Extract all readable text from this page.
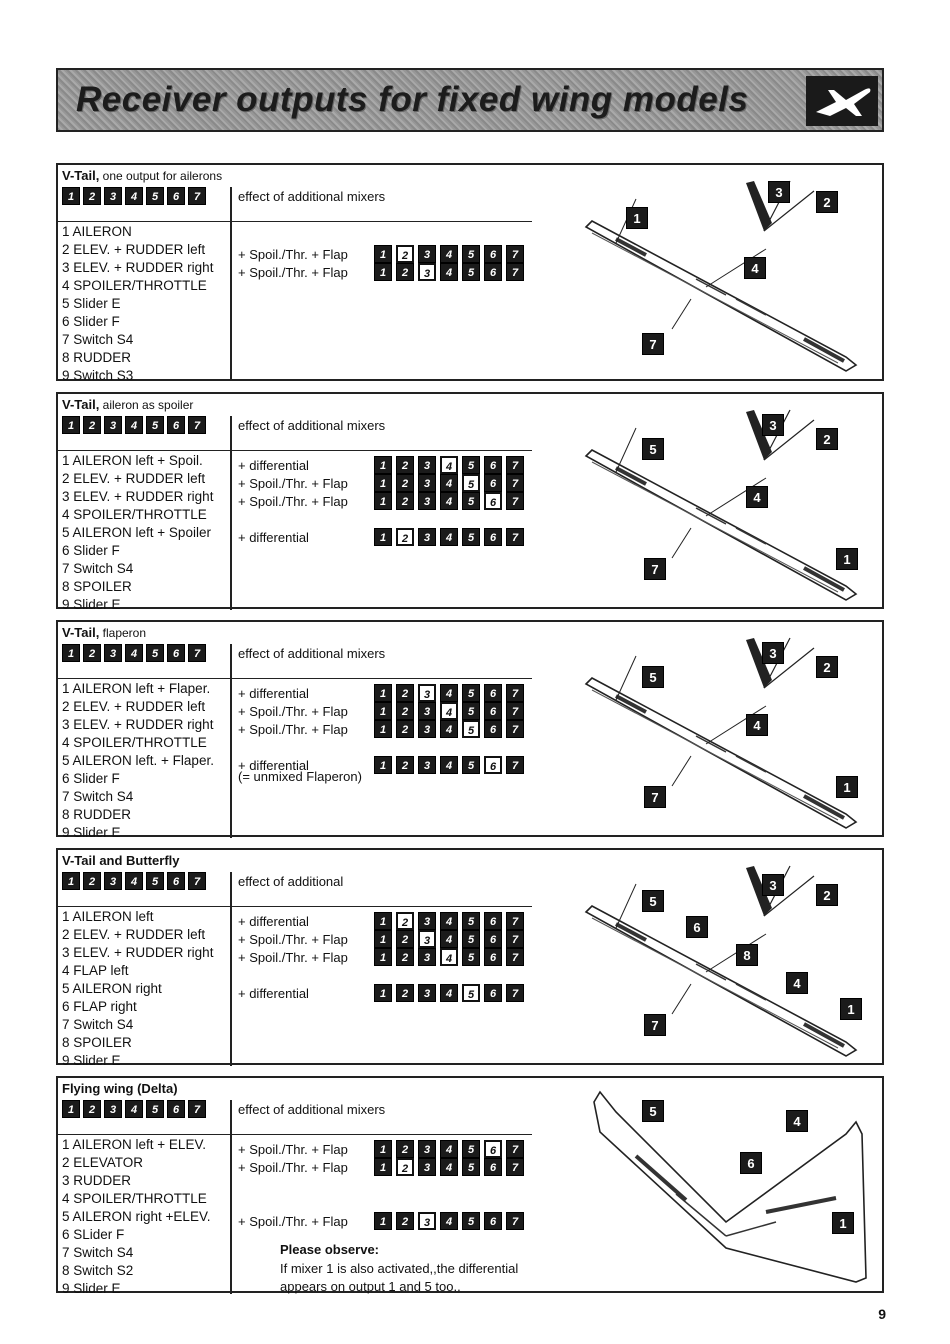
Receiver outputs for fixed wing models
V-Tail, one output for ailerons
1	2	3	4	5	6	7	effect of additional mixers
1 AILERON
2 ELEV. + RUDDER left
3 ELEV. + RUDDER right
4 SPOILER/THROTTLE
5 Slider E
6 Slider F
7 Switch S4
8 RUDDER
9 Switch S3
+ Spoil./Thr. + Flap	1	2	3	4	5	6	7
+ Spoil./Thr. + Flap	1	2	3	4	5	6	7
1
3
2
4
7
V-Tail, aileron as spoiler
1	2	3	4	5	6	7	effect of additional mixers
1 AILERON left + Spoil.
2 ELEV. + RUDDER left
3 ELEV. + RUDDER right
4 SPOILER/THROTTLE
5 AILERON left + Spoiler
6 Slider F
7 Switch S4
8 SPOILER
9 Slider E
+ differential	1	2	3	4	5	6	7
+ Spoil./Thr. + Flap	1	2	3	4	5	6	7
+ Spoil./Thr. + Flap	1	2	3	4	5	6	7
+ differential	1	2	3	4	5	6	7
5
3
2
4
7
1
V-Tail, flaperon
1	2	3	4	5	6	7	effect of additional mixers
1 AILERON left + Flaper.
2 ELEV. + RUDDER left
3 ELEV. + RUDDER right
4 SPOILER/THROTTLE
5 AILERON left. + Flaper.
6 Slider F
7 Switch S4
8 RUDDER
9 Slider E
+ differential	1	2	3	4	5	6	7
+ Spoil./Thr. + Flap	1	2	3	4	5	6	7
+ Spoil./Thr. + Flap	1	2	3	4	5	6	7
+ differential	1	2	3	4	5	6	7
(= unmixed Flaperon)
5
3
2
4
7
1
V-Tail and Butterfly
1	2	3	4	5	6	7	effect of additional
1 AILERON left
2 ELEV. + RUDDER left
3 ELEV. + RUDDER right
4 FLAP left
5 AILERON right
6 FLAP right
7 Switch S4
8 SPOILER
9 Slider E
+ differential	1	2	3	4	5	6	7
+ Spoil./Thr. + Flap	1	2	3	4	5	6	7
+ Spoil./Thr. + Flap	1	2	3	4	5	6	7
+ differential	1	2	3	4	5	6	7
5
6
8
3
2
4
7
1
Flying wing (Delta)
1	2	3	4	5	6	7	effect of additional mixers
1 AILERON left + ELEV.
2 ELEVATOR
3 RUDDER
4 SPOILER/THROTTLE
5 AILERON right +ELEV.
6 SLider F
7 Switch S4
8 Switch S2
9 Slider E
+ Spoil./Thr. + Flap	1	2	3	4	5	6	7
+ Spoil./Thr. + Flap	1	2	3	4	5	6	7
+ Spoil./Thr. + Flap	1	2	3	4	5	6	7
Please observe:
If mixer 1 is also activated,,the differential
appears on output 1 and 5 too..
5
4
6
1
9
